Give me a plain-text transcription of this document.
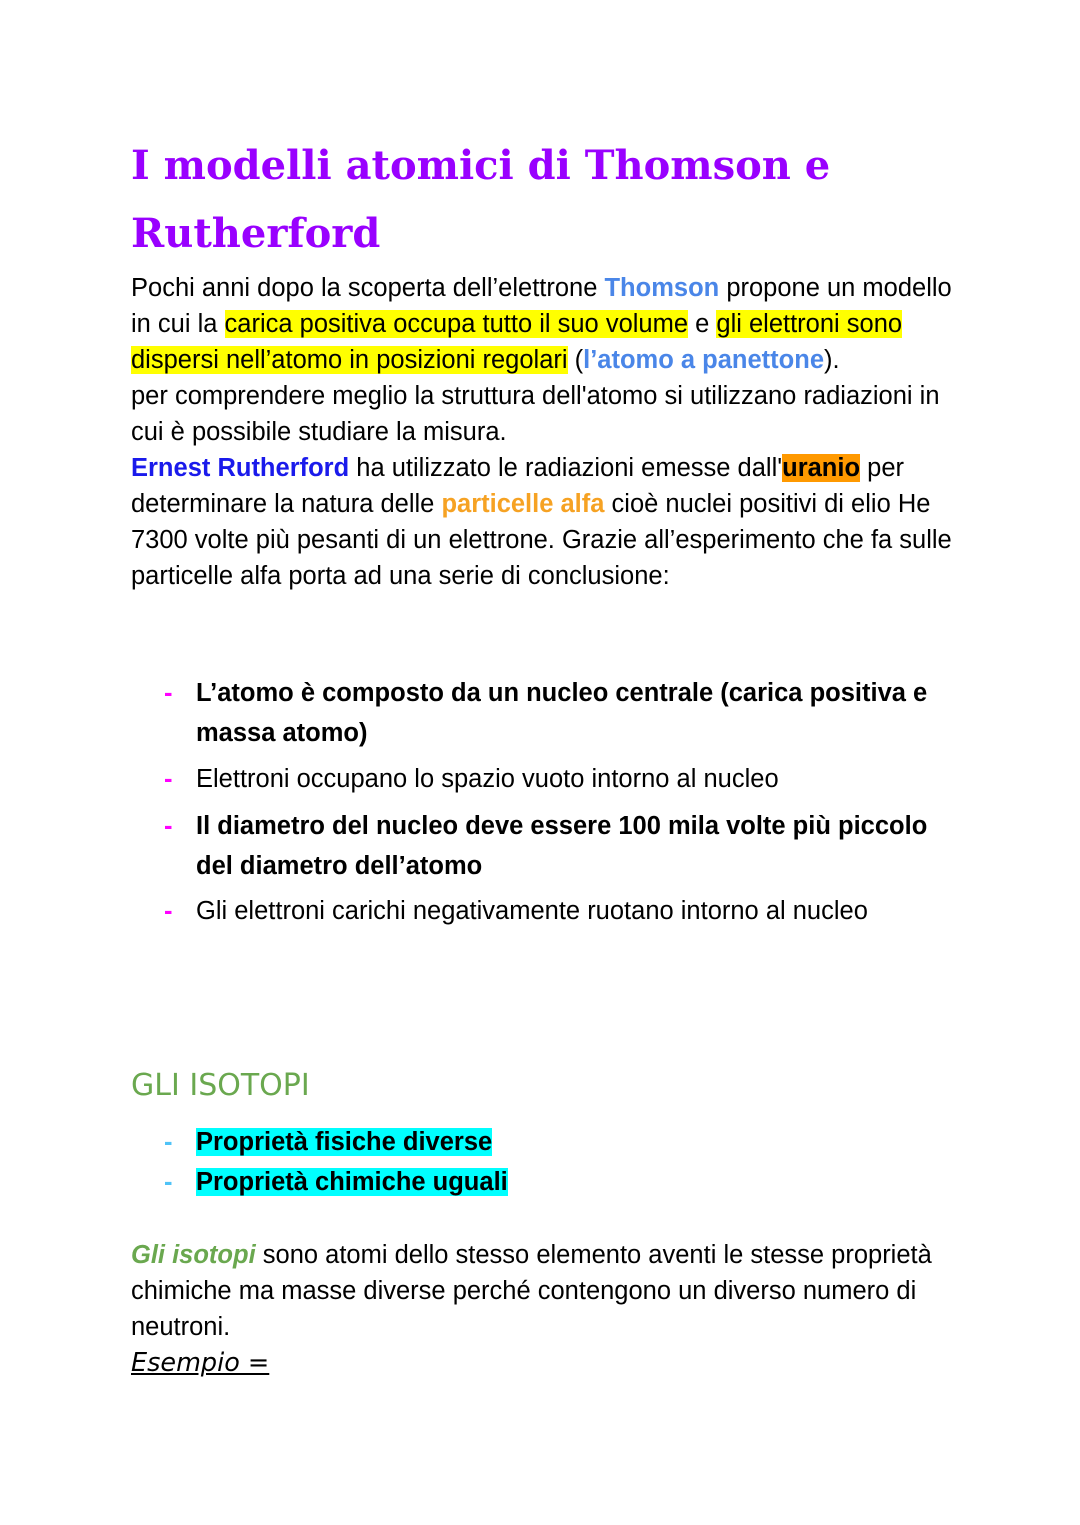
I modelli atomici di Thomson e Rutherford

Pochi anni dopo la scoperta dell’elettrone Thomson propone un modello in cui la carica positiva occupa tutto il suo volume e gli elettroni sono dispersi nell’atomo in posizioni regolari (l’atomo a panettone).
per comprendere meglio la struttura dell'atomo si utilizzano radiazioni in cui è possibile studiare la misura.
Ernest Rutherford ha utilizzato le radiazioni emesse dall'uranio per determinare la natura delle particelle alfa cioè nuclei positivi di elio He 7300 volte più pesanti di un elettrone. Grazie all’esperimento che fa sulle particelle alfa porta ad una serie di conclusione:

- L’atomo è composto da un nucleo centrale (carica positiva e massa atomo)
- Elettroni occupano lo spazio vuoto intorno al nucleo
- Il diametro del nucleo deve essere 100 mila volte più piccolo del diametro dell’atomo
- Gli elettroni carichi negativamente ruotano intorno al nucleo
GLI ISOTOPI
- Proprietà fisiche diverse
- Proprietà chimiche uguali

Gli isotopi sono atomi dello stesso elemento aventi le stesse proprietà chimiche ma masse diverse perché contengono un diverso numero di neutroni.
Esempio =
